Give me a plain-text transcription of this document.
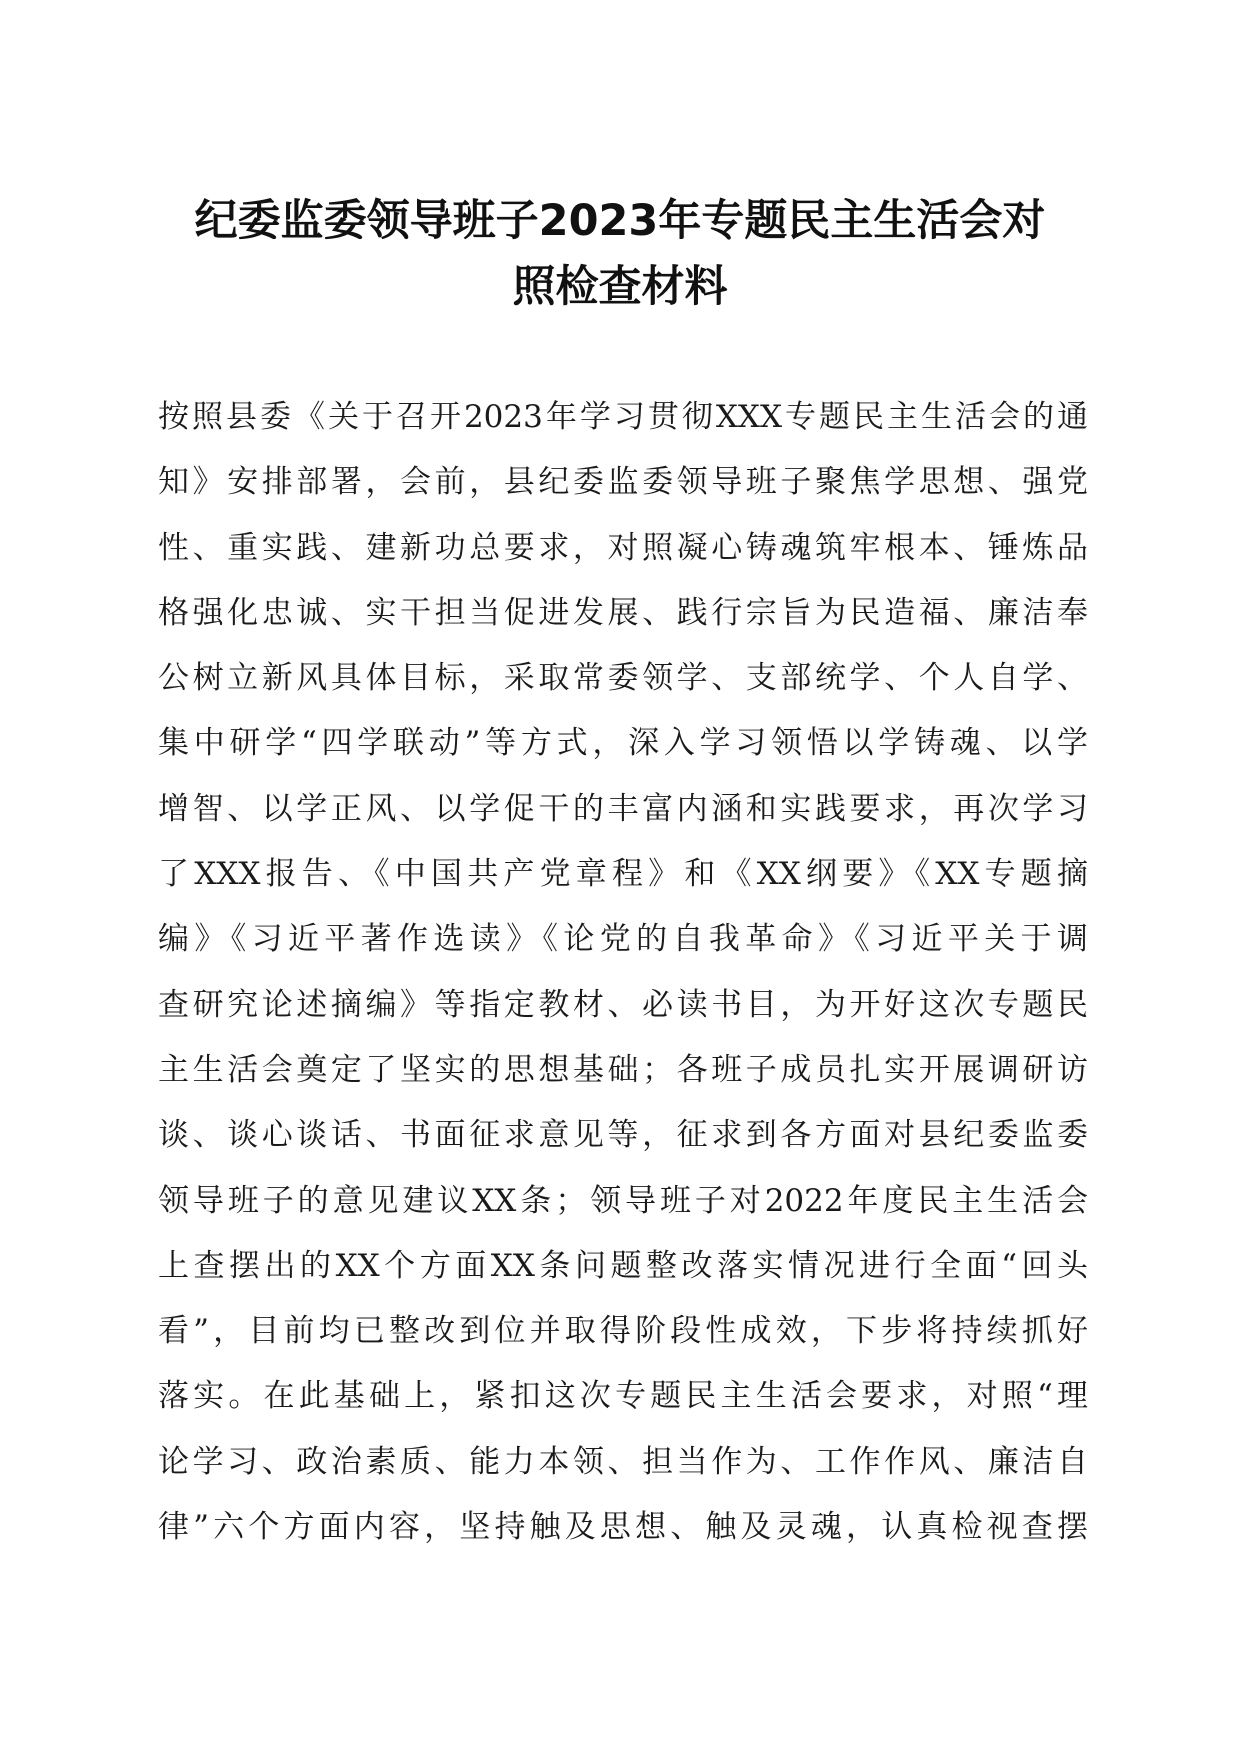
纪委监委领导班子2023年专题民主生活会对
照检查材料
按照县委《关于召开2023年学习贯彻XXX专题民主生活会的通
知》安排部署，会前，县纪委监委领导班子聚焦学思想、强党
性、重实践、建新功总要求，对照凝心铸魂筑牢根本、锤炼品
格强化忠诚、实干担当促进发展、践行宗旨为民造福、廉洁奉
公树立新风具体目标，采取常委领学、支部统学、个人自学、
集中研学“四学联动”等方式，深入学习领悟以学铸魂、以学
增智、以学正风、以学促干的丰富内涵和实践要求，再次学习
了XXX报告、《中国共产党章程》和《XX纲要》《XX专题摘
编》《习近平著作选读》《论党的自我革命》《习近平关于调
查研究论述摘编》等指定教材、必读书目，为开好这次专题民
主生活会奠定了坚实的思想基础；各班子成员扎实开展调研访
谈、谈心谈话、书面征求意见等，征求到各方面对县纪委监委
领导班子的意见建议XX条；领导班子对2022年度民主生活会
上查摆出的XX个方面XX条问题整改落实情况进行全面“回头
看”，目前均已整改到位并取得阶段性成效，下步将持续抓好
落实。在此基础上，紧扣这次专题民主生活会要求，对照“理
论学习、政治素质、能力本领、担当作为、工作作风、廉洁自
律”六个方面内容，坚持触及思想、触及灵魂，认真检视查摆
